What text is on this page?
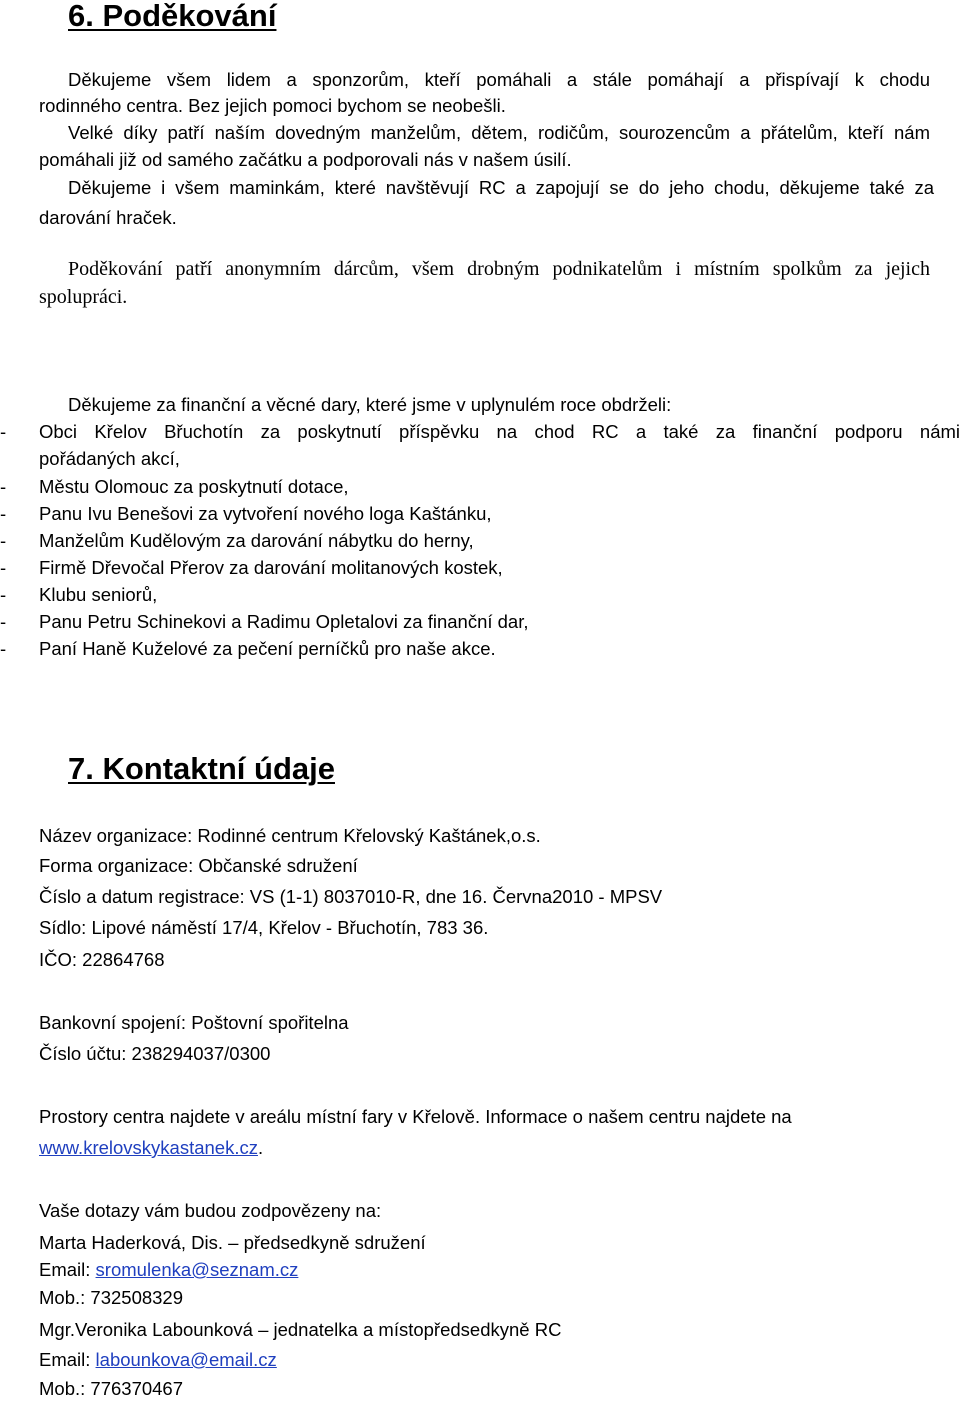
6. Poděkování

Děkujeme všem lidem a sponzorům, kteří pomáhali a stále pomáhají a přispívají k chodu

rodinného centra. Bez jejich pomoci bychom se neobešli.

Velké díky patří naším dovedným manželům, dětem, rodičům, sourozencům a přátelům, kteří nám

pomáhali již od samého začátku a podporovali nás v našem úsilí.

Děkujeme i všem maminkám, které navštěvují RC a zapojují se do jeho chodu, děkujeme také za

darování hraček.

Poděkování patří anonymním dárcům, všem drobným podnikatelům i místním spolkům za jejich

spolupráci.

Děkujeme za finanční a věcné dary, které jsme v uplynulém roce obdrželi:

- Obci Křelov Břuchotín za poskytnutí příspěvku na chod RC a také za finanční podporu námi
pořádaných akcí,
- Městu Olomouc za poskytnutí dotace,
- Panu Ivu Benešovi za vytvoření nového loga Kaštánku,
- Manželům Kudělovým za darování nábytku do herny,
- Firmě Dřevočal Přerov za darování molitanových kostek,
- Klubu seniorů,
- Panu Petru Schinekovi a Radimu Opletalovi za finanční dar,
- Paní Haně Kuželové za pečení perníčků pro naše akce.
7. Kontaktní údaje

Název organizace: Rodinné centrum Křelovský Kaštánek,o.s.

Forma organizace: Občanské sdružení

Číslo a datum registrace: VS (1-1) 8037010-R, dne 16. Června2010 - MPSV

Sídlo: Lipové náměstí 17/4, Křelov - Břuchotín, 783 36.

IČO: 22864768

Bankovní spojení: Poštovní spořitelna

Číslo účtu: 238294037/0300

Prostory centra najdete v areálu místní fary v Křelově. Informace o našem centru najdete na

www.krelovskykastanek.cz.

Vaše dotazy vám budou zodpovězeny na:

Marta Haderková, Dis. – předsedkyně sdružení

Email: sromulenka@seznam.cz

Mob.: 732508329

Mgr.Veronika Labounková – jednatelka a místopředsedkyně RC

Email: labounkova@email.cz

Mob.: 776370467
